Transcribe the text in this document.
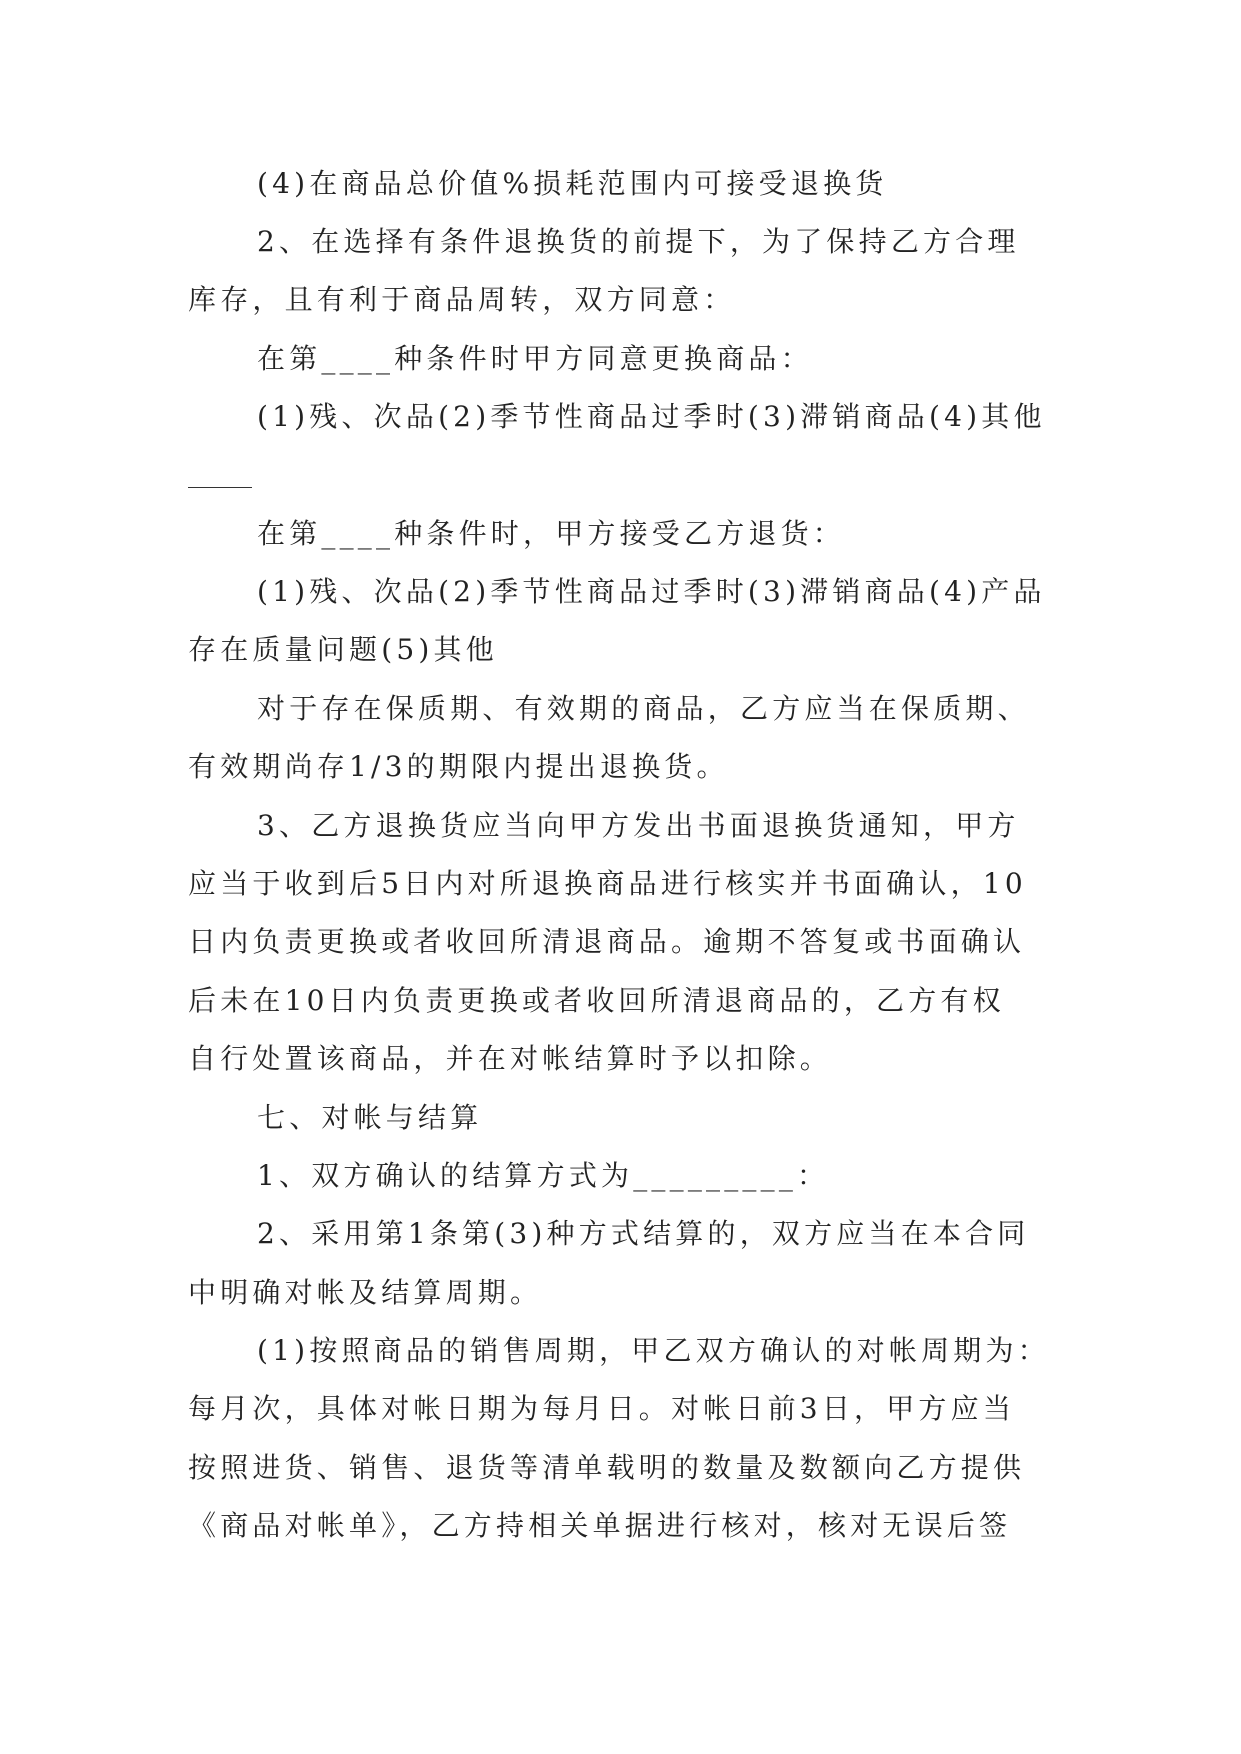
(4)在商品总价值%损耗范围内可接受退换货
2、在选择有条件退换货的前提下，为了保持乙方合理
库存，且有利于商品周转，双方同意：
在第____种条件时甲方同意更换商品：
(1)残、次品(2)季节性商品过季时(3)滞销商品(4)其他
在第____种条件时，甲方接受乙方退货：
(1)残、次品(2)季节性商品过季时(3)滞销商品(4)产品
存在质量问题(5)其他
对于存在保质期、有效期的商品，乙方应当在保质期、
有效期尚存1/3的期限内提出退换货。
3、乙方退换货应当向甲方发出书面退换货通知，甲方
应当于收到后5日内对所退换商品进行核实并书面确认，10
日内负责更换或者收回所清退商品。逾期不答复或书面确认
后未在10日内负责更换或者收回所清退商品的，乙方有权
自行处置该商品，并在对帐结算时予以扣除。
七、对帐与结算
1、双方确认的结算方式为_________：
2、采用第1条第(3)种方式结算的，双方应当在本合同
中明确对帐及结算周期。
(1)按照商品的销售周期，甲乙双方确认的对帐周期为：
每月次，具体对帐日期为每月日。对帐日前3日，甲方应当
按照进货、销售、退货等清单载明的数量及数额向乙方提供
《商品对帐单》，乙方持相关单据进行核对，核对无误后签
